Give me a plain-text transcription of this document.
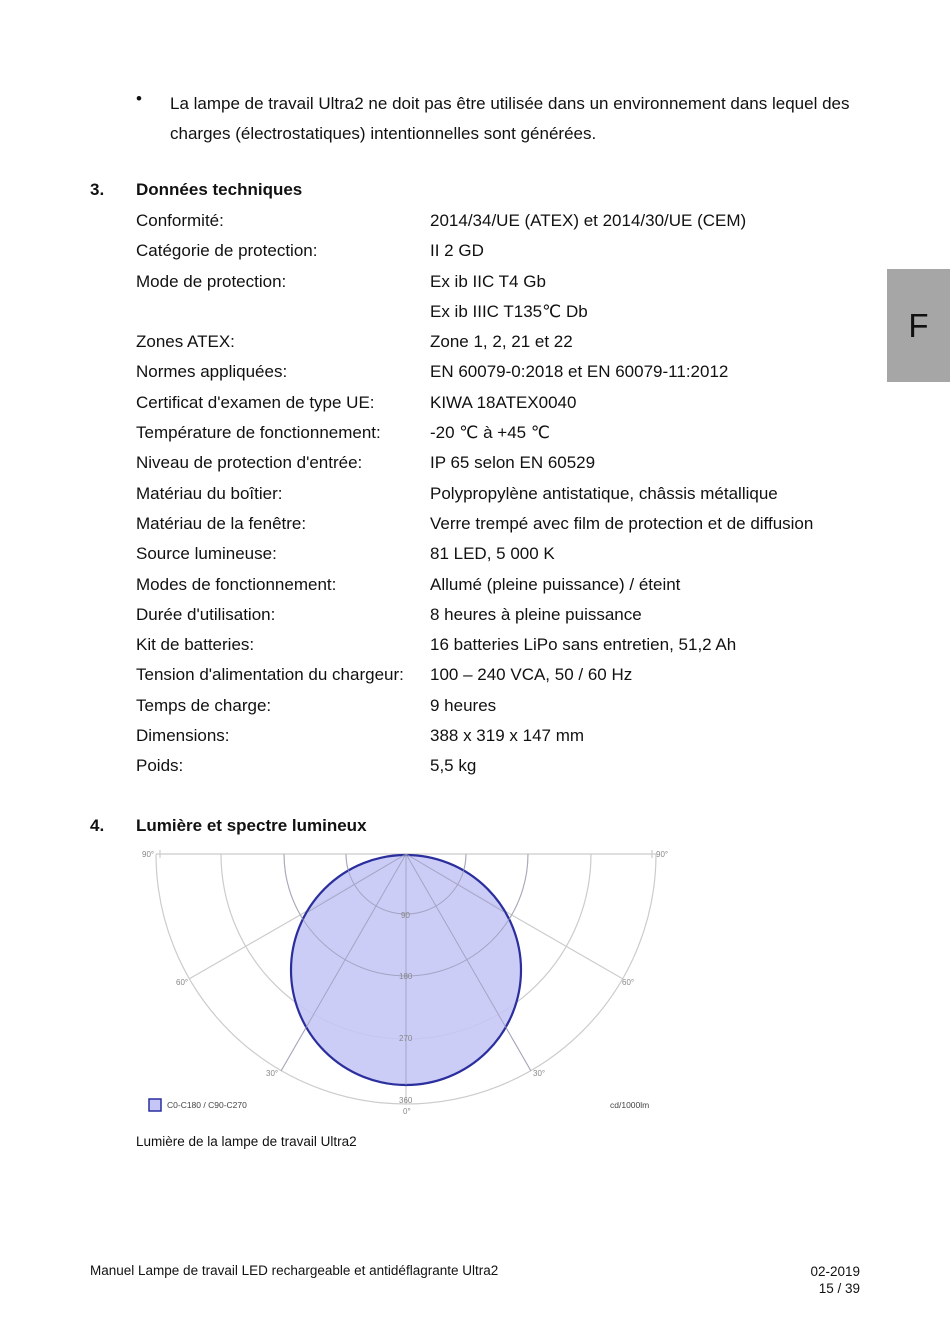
• La lampe de travail Ultra2 ne doit pas être utilisée dans un environnement dans lequel des charges (électrostatiques) intentionnelles sont générées.
3. Données techniques
Conformité:	2014/34/UE (ATEX) et 2014/30/UE (CEM)
Catégorie de protection:	II 2 GD
Mode de protection:	Ex ib IIC T4 Gb
Ex ib IIIC T135℃ Db
Zones ATEX:	Zone 1, 2, 21 et 22
Normes appliquées:	EN 60079-0:2018 et EN 60079-11:2012
Certificat d'examen de type UE:	KIWA 18ATEX0040
Température de fonctionnement:	-20 ℃ à +45 ℃
Niveau de protection d'entrée:	IP 65 selon EN 60529
Matériau du boîtier:	Polypropylène antistatique, châssis métallique
Matériau de la fenêtre:	Verre trempé avec film de protection et de diffusion
Source lumineuse:	81 LED, 5 000 K
Modes de fonctionnement:	Allumé (pleine puissance) / éteint
Durée d'utilisation:	8 heures à pleine puissance
Kit de batteries:	16 batteries LiPo sans entretien, 51,2 Ah
Tension d'alimentation du chargeur:	100 – 240 VCA, 50 / 60 Hz
Temps de charge:	9 heures
Dimensions:	388 x 319 x 147 mm
Poids:	5,5 kg
F
4. Lumière et spectre lumineux
90°	90°
60°	60°
30°	30°
0°
90
180
270
360
C0-C180 / C90-C270	cd/1000lm
Lumière de la lampe de travail Ultra2
Manuel Lampe de travail LED rechargeable et antidéflagrante Ultra2	02-2019
15 / 39
